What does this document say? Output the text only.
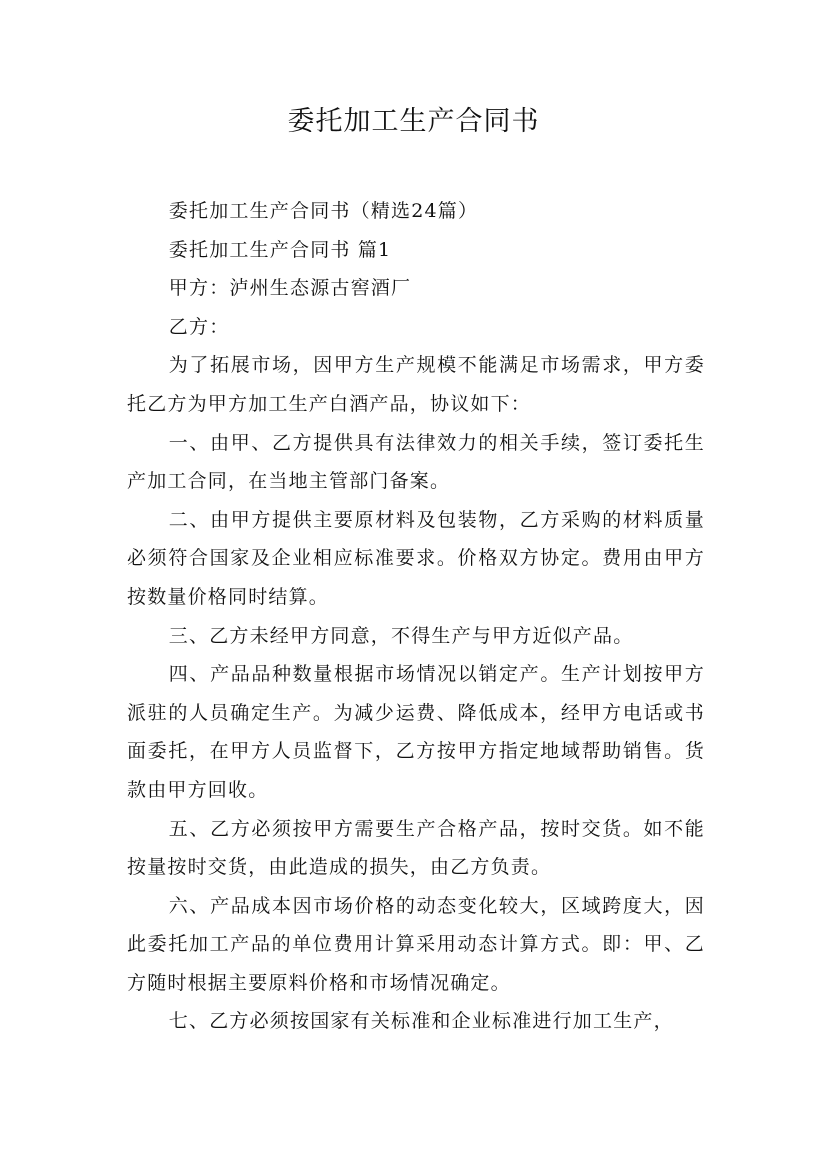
委托加工生产合同书

委托加工生产合同书（精选24篇）

委托加工生产合同书 篇1

甲方：泸州生态源古窖酒厂

乙方：

为了拓展市场，因甲方生产规模不能满足市场需求，甲方委托乙方为甲方加工生产白酒产品，协议如下：

一、由甲、乙方提供具有法律效力的相关手续，签订委托生产加工合同，在当地主管部门备案。

二、由甲方提供主要原材料及包装物，乙方采购的材料质量必须符合国家及企业相应标准要求。价格双方协定。费用由甲方按数量价格同时结算。

三、乙方未经甲方同意，不得生产与甲方近似产品。

四、产品品种数量根据市场情况以销定产。生产计划按甲方派驻的人员确定生产。为减少运费、降低成本，经甲方电话或书面委托，在甲方人员监督下，乙方按甲方指定地域帮助销售。货款由甲方回收。

五、乙方必须按甲方需要生产合格产品，按时交货。如不能按量按时交货，由此造成的损失，由乙方负责。

六、产品成本因市场价格的动态变化较大，区域跨度大，因此委托加工产品的单位费用计算采用动态计算方式。即：甲、乙方随时根据主要原料价格和市场情况确定。

七、乙方必须按国家有关标准和企业标准进行加工生产，
